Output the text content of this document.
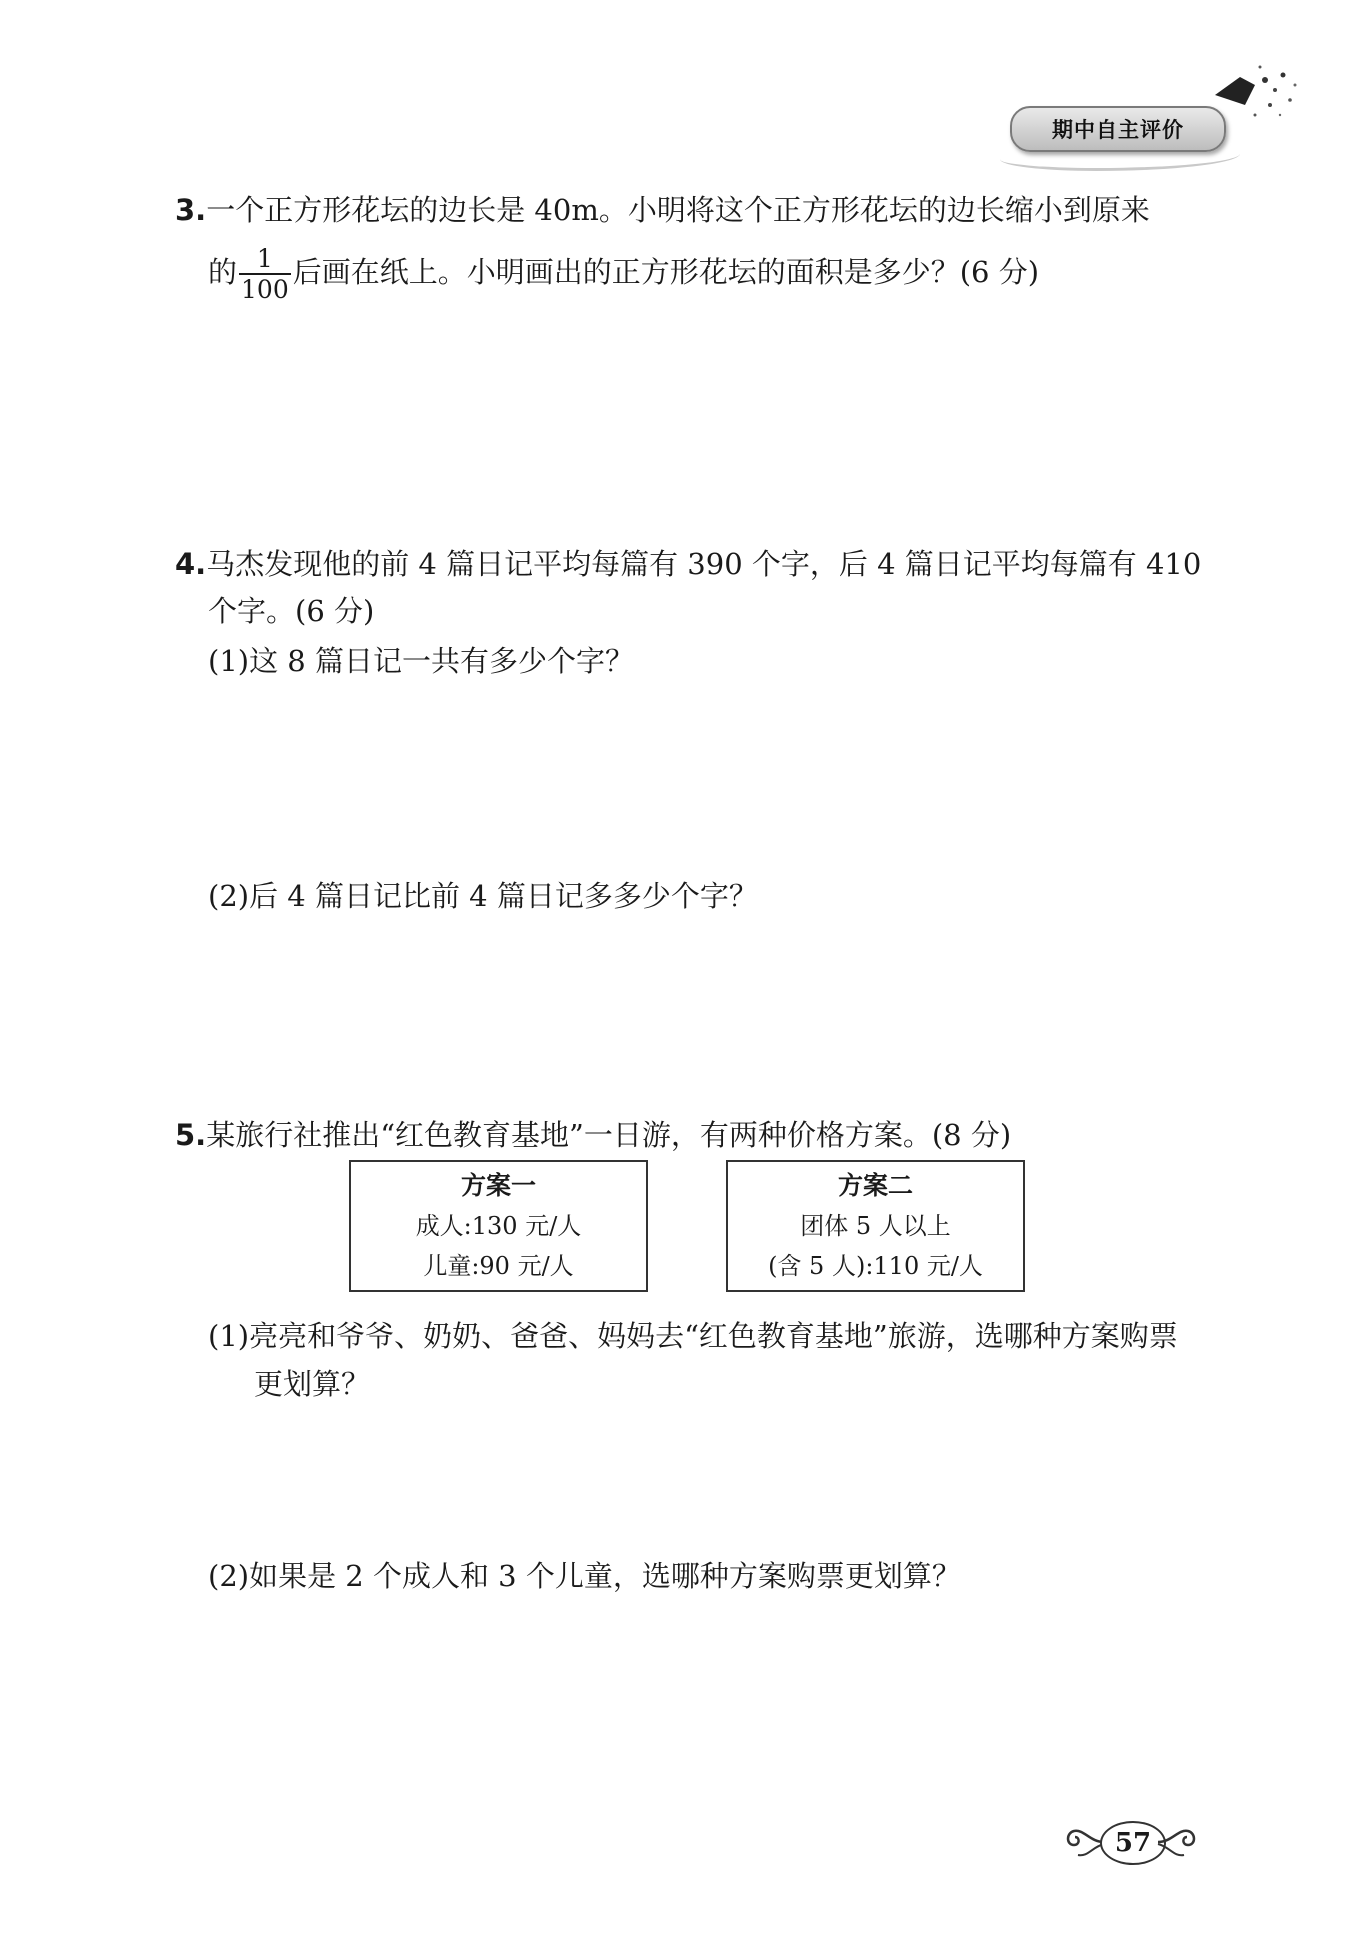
期中自主评价
3.一个正方形花坛的边长是 40m。小明将这个正方形花坛的边长缩小到原来
的 $\frac{1}{100}$ 后画在纸上。小明画出的正方形花坛的面积是多少？(6 分)
4.马杰发现他的前 4 篇日记平均每篇有 390 个字，后 4 篇日记平均每篇有 410
个字。(6 分)
(1)这 8 篇日记一共有多少个字？
(2)后 4 篇日记比前 4 篇日记多多少个字？
5.某旅行社推出“红色教育基地”一日游，有两种价格方案。(8 分)
方案一
成人:130 元/人
儿童:90 元/人
方案二
团体 5 人以上
(含 5 人):110 元/人
(1)亮亮和爷爷、奶奶、爸爸、妈妈去“红色教育基地”旅游，选哪种方案购票
更划算？
(2)如果是 2 个成人和 3 个儿童，选哪种方案购票更划算？
57
